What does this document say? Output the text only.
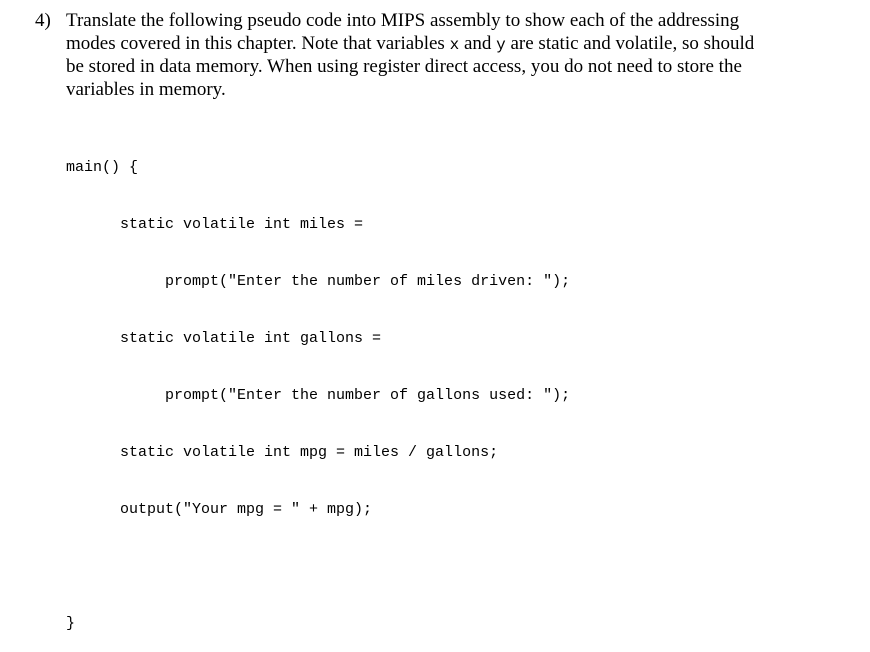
4) Translate the following pseudo code into MIPS assembly to show each of the addressing
modes covered in this chapter. Note that variables x and y are static and volatile, so should
be stored in data memory. When using register direct access, you do not need to store the
variables in memory.

main() {

static volatile int miles =

prompt("Enter the number of miles driven: ");

static volatile int gallons =

prompt("Enter the number of gallons used: ");

static volatile int mpg = miles / gallons;

output("Your mpg = " + mpg);

}
